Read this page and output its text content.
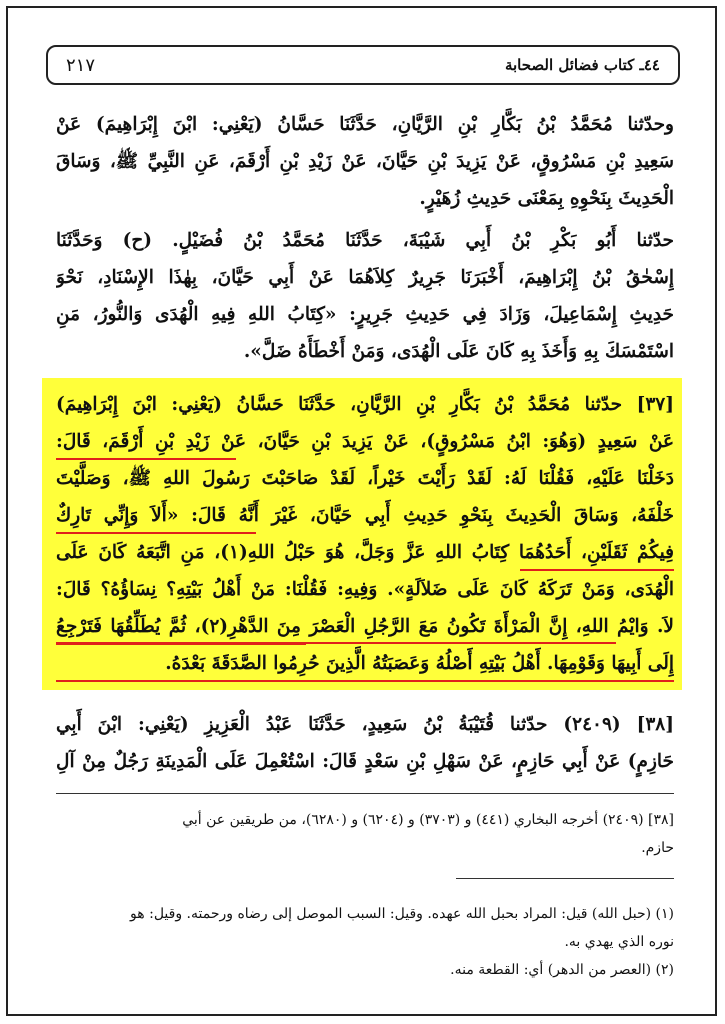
٤٤ـ كتاب فضائل الصحابة
٢١٧
وحدّثنا مُحَمَّدُ بْنُ بَكَّارِ بْنِ الرَّيَّانِ، حَدَّثَنَا حَسَّانُ (يَعْنِي: ابْنَ إِبْرَاهِيمَ) عَنْ
سَعِيدِ بْنِ مَسْرُوقٍ، عَنْ يَزِيدَ بْنِ حَيَّانَ، عَنْ زَيْدِ بْنِ أَرْقَمَ، عَنِ النَّبِيِّ ﷺ، وَسَاقَ
الْحَدِيثَ بِنَحْوِهِ بِمَعْنَى حَدِيثِ زُهَيْرٍ.
حدّثنا أَبُو بَكْرِ بْنُ أَبِي شَيْبَةَ، حَدَّثَنَا مُحَمَّدُ بْنُ فُضَيْلٍ. (ح) وَحَدَّثَنَا
إِسْحٰقُ بْنُ إِبْرَاهِيمَ، أَخْبَرَنَا جَرِيرٌ كِلاَهُمَا عَنْ أَبِي حَيَّانَ، بِهٰذَا الإِسْنَادِ، نَحْوَ
حَدِيثِ إِسْمَاعِيلَ، وَزَادَ فِي حَدِيثِ جَرِيرٍ: «كِتَابُ اللهِ فِيهِ الْهُدَى وَالنُّورُ، مَنِ
اسْتَمْسَكَ بِهِ وَأَخَذَ بِهِ كَانَ عَلَى الْهُدَى، وَمَنْ أَخْطَأَهُ ضَلَّ».
[٣٧] حدّثنا مُحَمَّدُ بْنُ بَكَّارِ بْنِ الرَّيَّانِ، حَدَّثَنَا حَسَّانُ (يَعْنِي: ابْنَ إِبْرَاهِيمَ)
عَنْ سَعِيدٍ (وَهُوَ: ابْنُ مَسْرُوقٍ)، عَنْ يَزِيدَ بْنِ حَيَّانَ، عَنْ زَيْدِ بْنِ أَرْقَمَ، قَالَ:
دَخَلْنَا عَلَيْهِ، فَقُلْنَا لَهُ: لَقَدْ رَأَيْتَ خَيْراً، لَقَدْ صَاحَبْتَ رَسُولَ اللهِ ﷺ، وَصَلَّيْتَ
خَلْفَهُ، وَسَاقَ الْحَدِيثَ بِنَحْوِ حَدِيثِ أَبِي حَيَّانَ، غَيْرَ أَنَّهُ قَالَ: «أَلاَ وَإِنِّي تَارِكٌ
فِيكُمْ ثَقَلَيْنِ، أَحَدُهُمَا كِتَابُ اللهِ عَزَّ وَجَلَّ، هُوَ حَبْلُ اللهِ(١)، مَنِ اتَّبَعَهُ كَانَ عَلَى
الْهُدَى، وَمَنْ تَرَكَهُ كَانَ عَلَى ضَلاَلَةٍ». وَفِيهِ: فَقُلْنَا: مَنْ أَهْلُ بَيْتِهِ؟ نِسَاؤُهُ؟ قَالَ:
لاَ. وَايْمُ اللهِ، إِنَّ الْمَرْأَةَ تَكُونُ مَعَ الرَّجُلِ الْعَصْرَ مِنَ الدَّهْرِ(٢)، ثُمَّ يُطَلِّقُهَا فَتَرْجِعُ
إِلَى أَبِيهَا وَقَوْمِهَا. أَهْلُ بَيْتِهِ أَصْلُهُ وَعَصَبَتُهُ الَّذِينَ حُرِمُوا الصَّدَقَةَ بَعْدَهُ.
[٣٨] (٢٤٠٩) حدّثنا قُتَيْبَةُ بْنُ سَعِيدٍ، حَدَّثَنَا عَبْدُ الْعَزِيزِ (يَعْنِي: ابْنَ أَبِي
حَازِمٍ) عَنْ أَبِي حَازِمٍ، عَنْ سَهْلِ بْنِ سَعْدٍ قَالَ: اسْتُعْمِلَ عَلَى الْمَدِينَةِ رَجُلٌ مِنْ آلِ
[٣٨] (٢٤٠٩) أخرجه البخاري (٤٤١) و (٣٧٠٣) و (٦٢٠٤) و (٦٢٨٠)، من طريقين عن أبي
حازم.
(١) (حبل الله) قيل: المراد بحبل الله عهده. وقيل: السبب الموصل إلى رضاه ورحمته. وقيل: هو
نوره الذي يهدي به.
(٢) (العصر من الدهر) أي: القطعة منه.
